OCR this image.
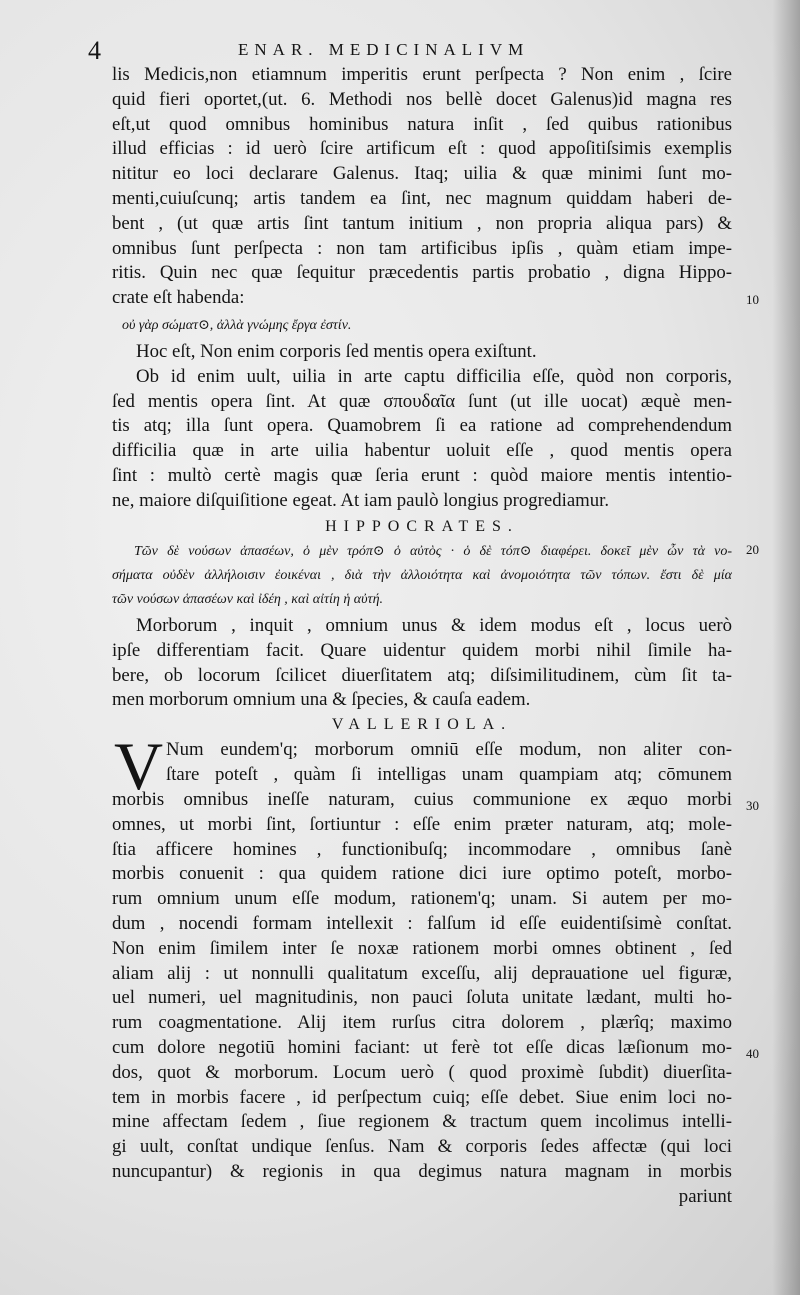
4	ENAR. MEDICINALIVM
lis Medicis,non etiamnum imperitis erunt perſpecta ? Non enim , ſcire
quid fieri oportet,(ut. 6. Methodi nos bellè docet Galenus)id magna res
eſt,ut quod omnibus hominibus natura inſit , ſed quibus rationibus
illud efficias : id uerò ſcire artificum eſt : quod appoſitiſsimis exemplis
nititur eo loci declarare Galenus. Itaq; uilia & quæ minimi ſunt mo-
menti,cuiuſcunq; artis tandem ea ſint, nec magnum quiddam haberi de-
bent , (ut quæ artis ſint tantum initium , non propria aliqua pars) &
omnibus ſunt perſpecta : non tam artificibus ipſis , quàm etiam impe-
ritis. Quin nec quæ ſequitur præcedentis partis probatio , digna Hippo-
crate eſt habenda:
οὐ γὰρ σώματ⊙, ἀλλὰ γνώμης ἔργα ἐστίν.
Hoc eſt, Non enim corporis ſed mentis opera exiſtunt.
Ob id enim uult, uilia in arte captu difficilia eſſe, quòd non corporis,
ſed mentis opera ſint. At quæ σπουδαῖα ſunt (ut ille uocat) æquè men-
tis atq; illa ſunt opera. Quamobrem ſi ea ratione ad comprehendendum
difficilia quæ in arte uilia habentur uoluit eſſe , quod mentis opera
ſint : multò certè magis quæ ſeria erunt : quòd maiore mentis intentio-
ne, maiore diſquiſitione egeat. At iam paulò longius progrediamur.
HIPPOCRATES.
Τῶν δὲ νούσων ἁπασέων, ὁ μὲν τρόπ⊙ ὁ αὐτὸς · ὁ δὲ τόπ⊙ διαφέρει. δοκεῖ μὲν ὦν τὰ νο-
σήματα οὐδὲν ἀλλήλοισιν ἐοικέναι , διὰ τὴν ἀλλοιότητα καὶ ἀνομοιότητα τῶν τόπων. ἔστι δὲ μία
τῶν νούσων ἁπασέων καὶ ἰδέη , καὶ αἰτίη ἡ αὐτή.
Morborum , inquit , omnium unus & idem modus eſt , locus uerò
ipſe differentiam facit. Quare uidentur quidem morbi nihil ſimile ha-
bere, ob locorum ſcilicet diuerſitatem atq; diſsimilitudinem, cùm ſit ta-
men morborum omnium una & ſpecies, & cauſa eadem.
VALLERIOLA.
V Num eundem'q; morborum omniū eſſe modum, non aliter con-
ſtare poteſt , quàm ſi intelligas unam quampiam atq; cōmunem
morbis omnibus ineſſe naturam, cuius communione ex æquo morbi
omnes, ut morbi ſint, ſortiuntur : eſſe enim præter naturam, atq; mole-
ſtia afficere homines , functionibuſq; incommodare , omnibus ſanè
morbis conuenit : qua quidem ratione dici iure optimo poteſt, morbo-
rum omnium unum eſſe modum, rationem'q; unam. Si autem per mo-
dum , nocendi formam intellexit : falſum id eſſe euidentiſsimè conſtat.
Non enim ſimilem inter ſe noxæ rationem morbi omnes obtinent , ſed
aliam alij : ut nonnulli qualitatum exceſſu, alij deprauatione uel figuræ,
uel numeri, uel magnitudinis, non pauci ſoluta unitate lædant, multi ho-
rum coagmentatione. Alij item rurſus citra dolorem , plærîq; maximo
cum dolore negotiū homini faciant: ut ferè tot eſſe dicas læſionum mo-
dos, quot & morborum. Locum uerò ( quod proximè ſubdit) diuerſita-
tem in morbis facere , id perſpectum cuiq; eſſe debet. Siue enim loci no-
mine affectam ſedem , ſiue regionem & tractum quem incolimus intelli-
gi uult, conſtat undique ſenſus. Nam & corporis ſedes affectæ (qui loci
nuncupantur) & regionis in qua degimus natura magnam in morbis
pariunt
10
20
30
40
